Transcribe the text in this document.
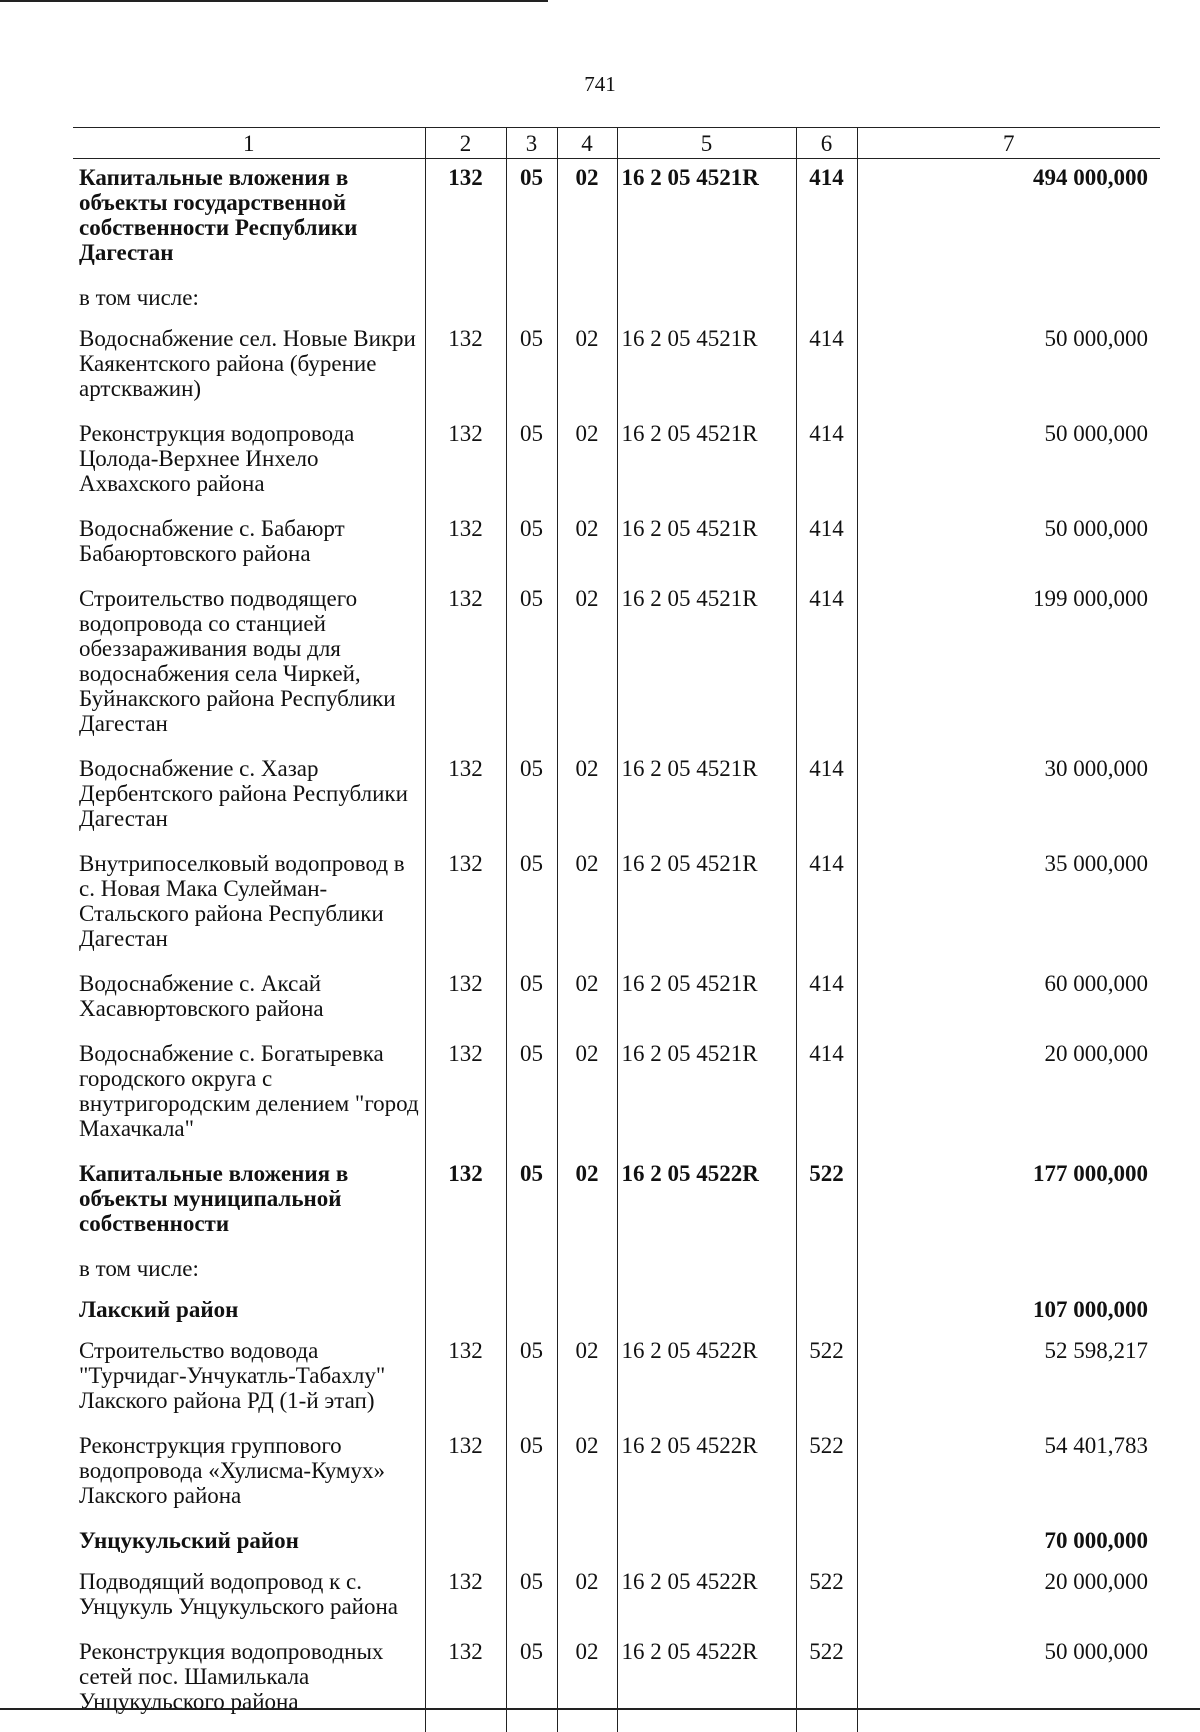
741
1	2	3	4	5	6	7
Капитальные вложения в объекты государственной собственности Республики Дагестан	132	05	02	16 2 05 4521R	414	494 000,000
в том числе:						
Водоснабжение сел. Новые Викри Каякентского района (бурение артскважин)	132	05	02	16 2 05 4521R	414	50 000,000
Реконструкция водопровода Цолода-Верхнее Инхело Ахвахского района	132	05	02	16 2 05 4521R	414	50 000,000
Водоснабжение с. Бабаюрт Бабаюртовского района	132	05	02	16 2 05 4521R	414	50 000,000
Строительство подводящего водопровода со станцией обеззараживания воды для водоснабжения села Чиркей, Буйнакского района Республики Дагестан	132	05	02	16 2 05 4521R	414	199 000,000
Водоснабжение с. Хазар Дербентского района Республики Дагестан	132	05	02	16 2 05 4521R	414	30 000,000
Внутрипоселковый водопровод в с. Новая Мака Сулейман-Стальского района Республики Дагестан	132	05	02	16 2 05 4521R	414	35 000,000
Водоснабжение с. Аксай Хасавюртовского района	132	05	02	16 2 05 4521R	414	60 000,000
Водоснабжение с. Богатыревка городского округа с внутригородским делением "город Махачкала"	132	05	02	16 2 05 4521R	414	20 000,000
Капитальные вложения в объекты муниципальной собственности	132	05	02	16 2 05 4522R	522	177 000,000
в том числе:						
Лакский район						107 000,000
Строительство водовода "Турчидаг-Унчукатль-Табахлу" Лакского района РД (1-й этап)	132	05	02	16 2 05 4522R	522	52 598,217
Реконструкция группового водопровода «Хулисма-Кумух» Лакского района	132	05	02	16 2 05 4522R	522	54 401,783
Унцукульский район						70 000,000
Подводящий водопровод к с. Унцукуль Унцукульского района	132	05	02	16 2 05 4522R	522	20 000,000
Реконструкция водопроводных сетей пос. Шамилькала Унцукульского района	132	05	02	16 2 05 4522R	522	50 000,000
